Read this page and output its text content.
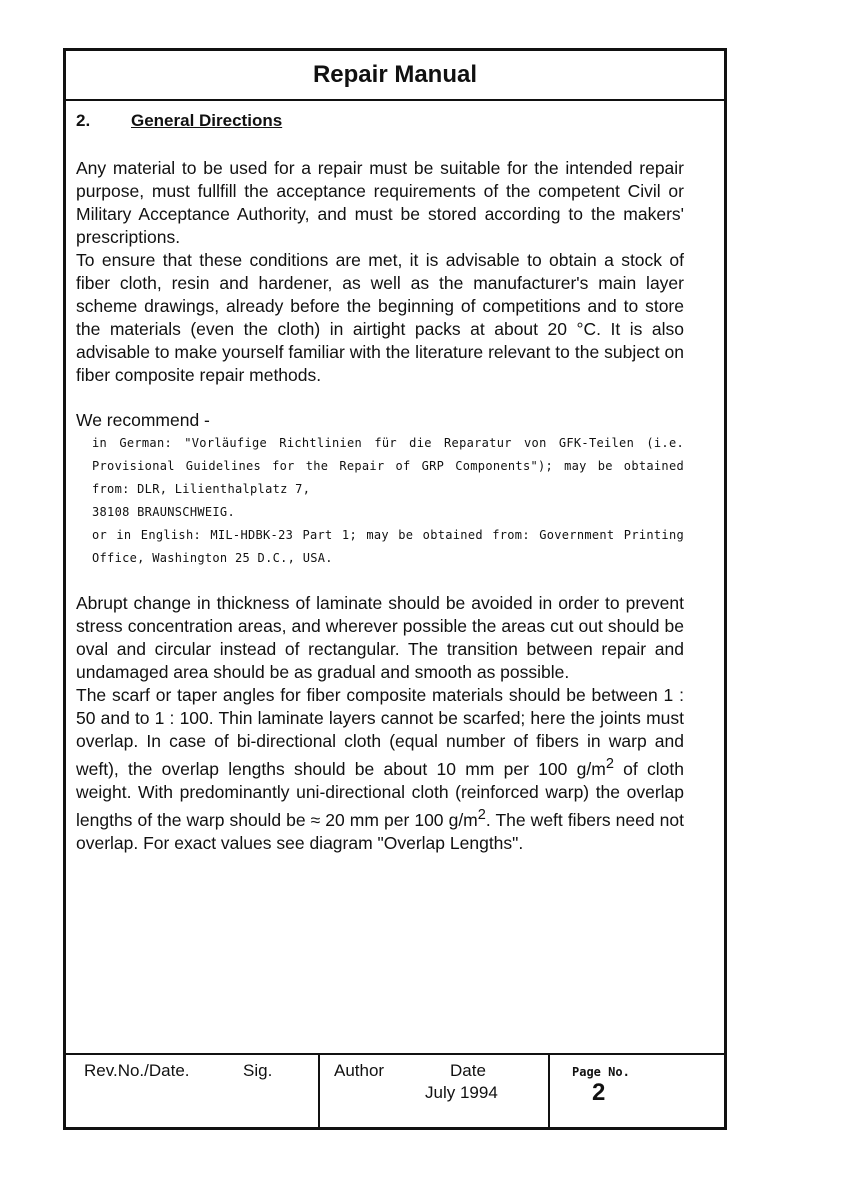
Repair Manual
2. General Directions

Any material to be used for a repair must be suitable for the intended repair purpose, must fullfill the acceptance requirements of the competent Civil or Military Acceptance Authority, and must be stored according to the makers' prescriptions.

To ensure that these conditions are met, it is advisable to obtain a stock of fiber cloth, resin and hardener, as well as the manufacturer's main layer scheme drawings, already before the beginning of competitions and to store the materials (even the cloth) in airtight packs at about 20 °C. It is also advisable to make yourself familiar with the literature relevant to the subject on fiber composite repair methods.

We recommend -

in German: "Vorläufige Richtlinien für die Reparatur von GFK-Teilen (i.e. Provisional Guidelines for the Repair of GRP Components"); may be obtained from: DLR, Lilienthalplatz 7,

38108 BRAUNSCHWEIG.

or in English: MIL-HDBK-23 Part 1; may be obtained from: Government Printing Office, Washington 25 D.C., USA.

Abrupt change in thickness of laminate should be avoided in order to prevent stress concentration areas, and wherever possible the areas cut out should be oval and circular instead of rectangular. The transition between repair and undamaged area should be as gradual and smooth as possible.

The scarf or taper angles for fiber composite materials should be between 1 : 50 and to 1 : 100. Thin laminate layers cannot be scarfed; here the joints must overlap. In case of bi-directional cloth (equal number of fibers in warp and weft), the overlap lengths should be about 10 mm per 100 $g/m^2$ of cloth weight. With predominantly uni-directional cloth (reinforced warp) the overlap lengths of the warp should be ≈ 20 mm per 100 $g/m^2$. The weft fibers need not overlap. For exact values see diagram "Overlap Lengths".

Rev.No./Date.	Sig.	Author	Date
July 1994
Page No.
2
